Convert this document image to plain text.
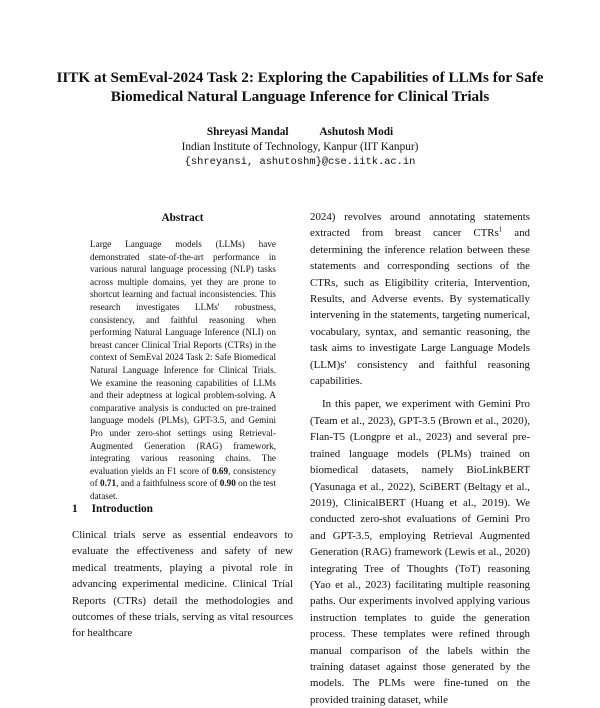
IITK at SemEval-2024 Task 2: Exploring the Capabilities of LLMs for Safe Biomedical Natural Language Inference for Clinical Trials
Shreyasi Mandal	Ashutosh Modi
Indian Institute of Technology, Kanpur (IIT Kanpur)
{shreyansi, ashutoshm}@cse.iitk.ac.in
Abstract

Large Language models (LLMs) have demonstrated state-of-the-art performance in various natural language processing (NLP) tasks across multiple domains, yet they are prone to shortcut learning and factual inconsistencies. This research investigates LLMs' robustness, consistency, and faithful reasoning when performing Natural Language Inference (NLI) on breast cancer Clinical Trial Reports (CTRs) in the context of SemEval 2024 Task 2: Safe Biomedical Natural Language Inference for Clinical Trials. We examine the reasoning capabilities of LLMs and their adeptness at logical problem-solving. A comparative analysis is conducted on pre-trained language models (PLMs), GPT-3.5, and Gemini Pro under zero-shot settings using Retrieval-Augmented Generation (RAG) framework, integrating various reasoning chains. The evaluation yields an F1 score of 0.69, consistency of 0.71, and a faithfulness score of 0.90 on the test dataset.

1 Introduction

Clinical trials serve as essential endeavors to evaluate the effectiveness and safety of new medical treatments, playing a pivotal role in advancing experimental medicine. Clinical Trial Reports (CTRs) detail the methodologies and outcomes of these trials, serving as vital resources for healthcare

2024) revolves around annotating statements extracted from breast cancer CTRs$^1$ and determining the inference relation between these statements and corresponding sections of the CTRs, such as Eligibility criteria, Intervention, Results, and Adverse events. By systematically intervening in the statements, targeting numerical, vocabulary, syntax, and semantic reasoning, the task aims to investigate Large Language Models (LLM)s' consistency and faithful reasoning capabilities.

In this paper, we experiment with Gemini Pro (Team et al., 2023), GPT-3.5 (Brown et al., 2020), Flan-T5 (Longpre et al., 2023) and several pre-trained language models (PLMs) trained on biomedical datasets, namely BioLinkBERT (Yasunaga et al., 2022), SciBERT (Beltagy et al., 2019), ClinicalBERT (Huang et al., 2019). We conducted zero-shot evaluations of Gemini Pro and GPT-3.5, employing Retrieval Augmented Generation (RAG) framework (Lewis et al., 2020) integrating Tree of Thoughts (ToT) reasoning (Yao et al., 2023) facilitating multiple reasoning paths. Our experiments involved applying various instruction templates to guide the generation process. These templates were refined through manual comparison of the labels within the training dataset against those generated by the models. The PLMs were fine-tuned on the provided training dataset, while
